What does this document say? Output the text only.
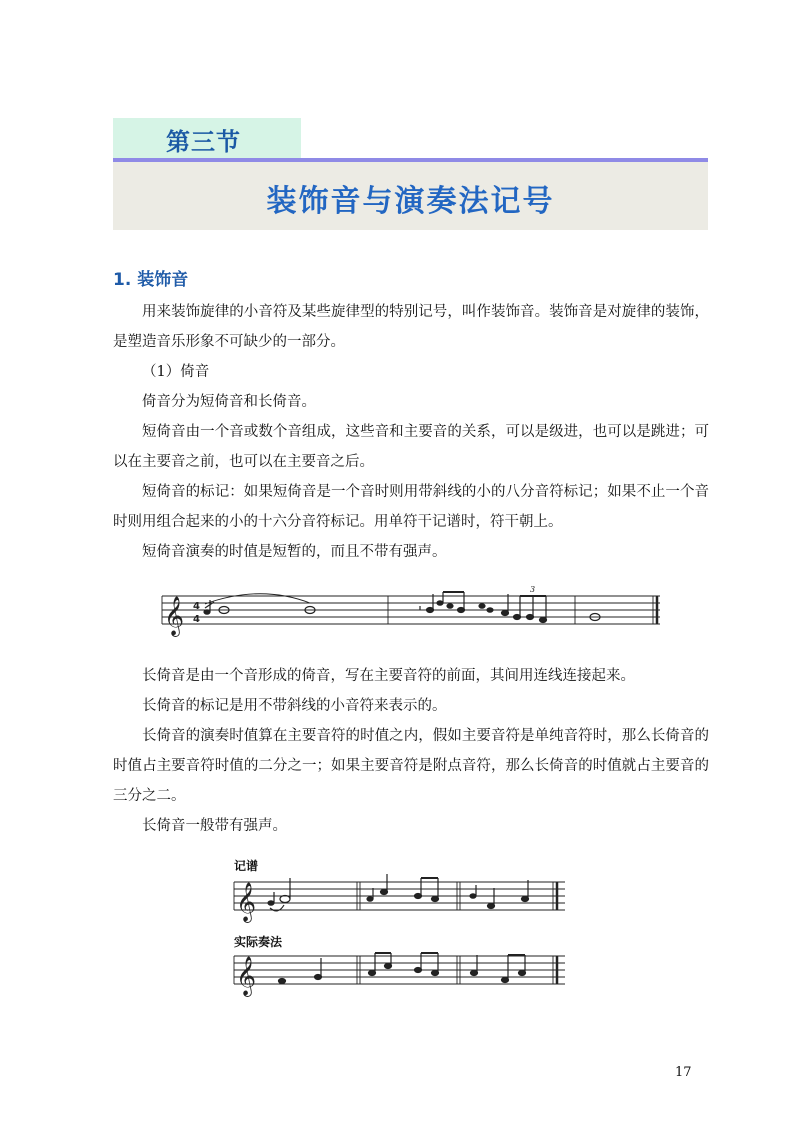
第三节
装饰音与演奏法记号
1. 装饰音

用来装饰旋律的小音符及某些旋律型的特别记号，叫作装饰音。装饰音是对旋律的装饰，是塑造音乐形象不可缺少的一部分。

（1）倚音

倚音分为短倚音和长倚音。

短倚音由一个音或数个音组成，这些音和主要音的关系，可以是级进，也可以是跳进；可以在主要音之前，也可以在主要音之后。

短倚音的标记：如果短倚音是一个音时则用带斜线的小的八分音符标记；如果不止一个音时则用组合起来的小的十六分音符标记。用单符干记谱时，符干朝上。

短倚音演奏的时值是短暂的，而且不带有强声。

𝄞 4
4
3

长倚音是由一个音形成的倚音，写在主要音符的前面，其间用连线连接起来。

长倚音的标记是用不带斜线的小音符来表示的。

长倚音的演奏时值算在主要音符的时值之内，假如主要音符是单纯音符时，那么长倚音的时值占主要音符时值的二分之一；如果主要音符是附点音符，那么长倚音的时值就占主要音的三分之二。

长倚音一般带有强声。

记谱
实际奏法
𝄞
𝄞
17
